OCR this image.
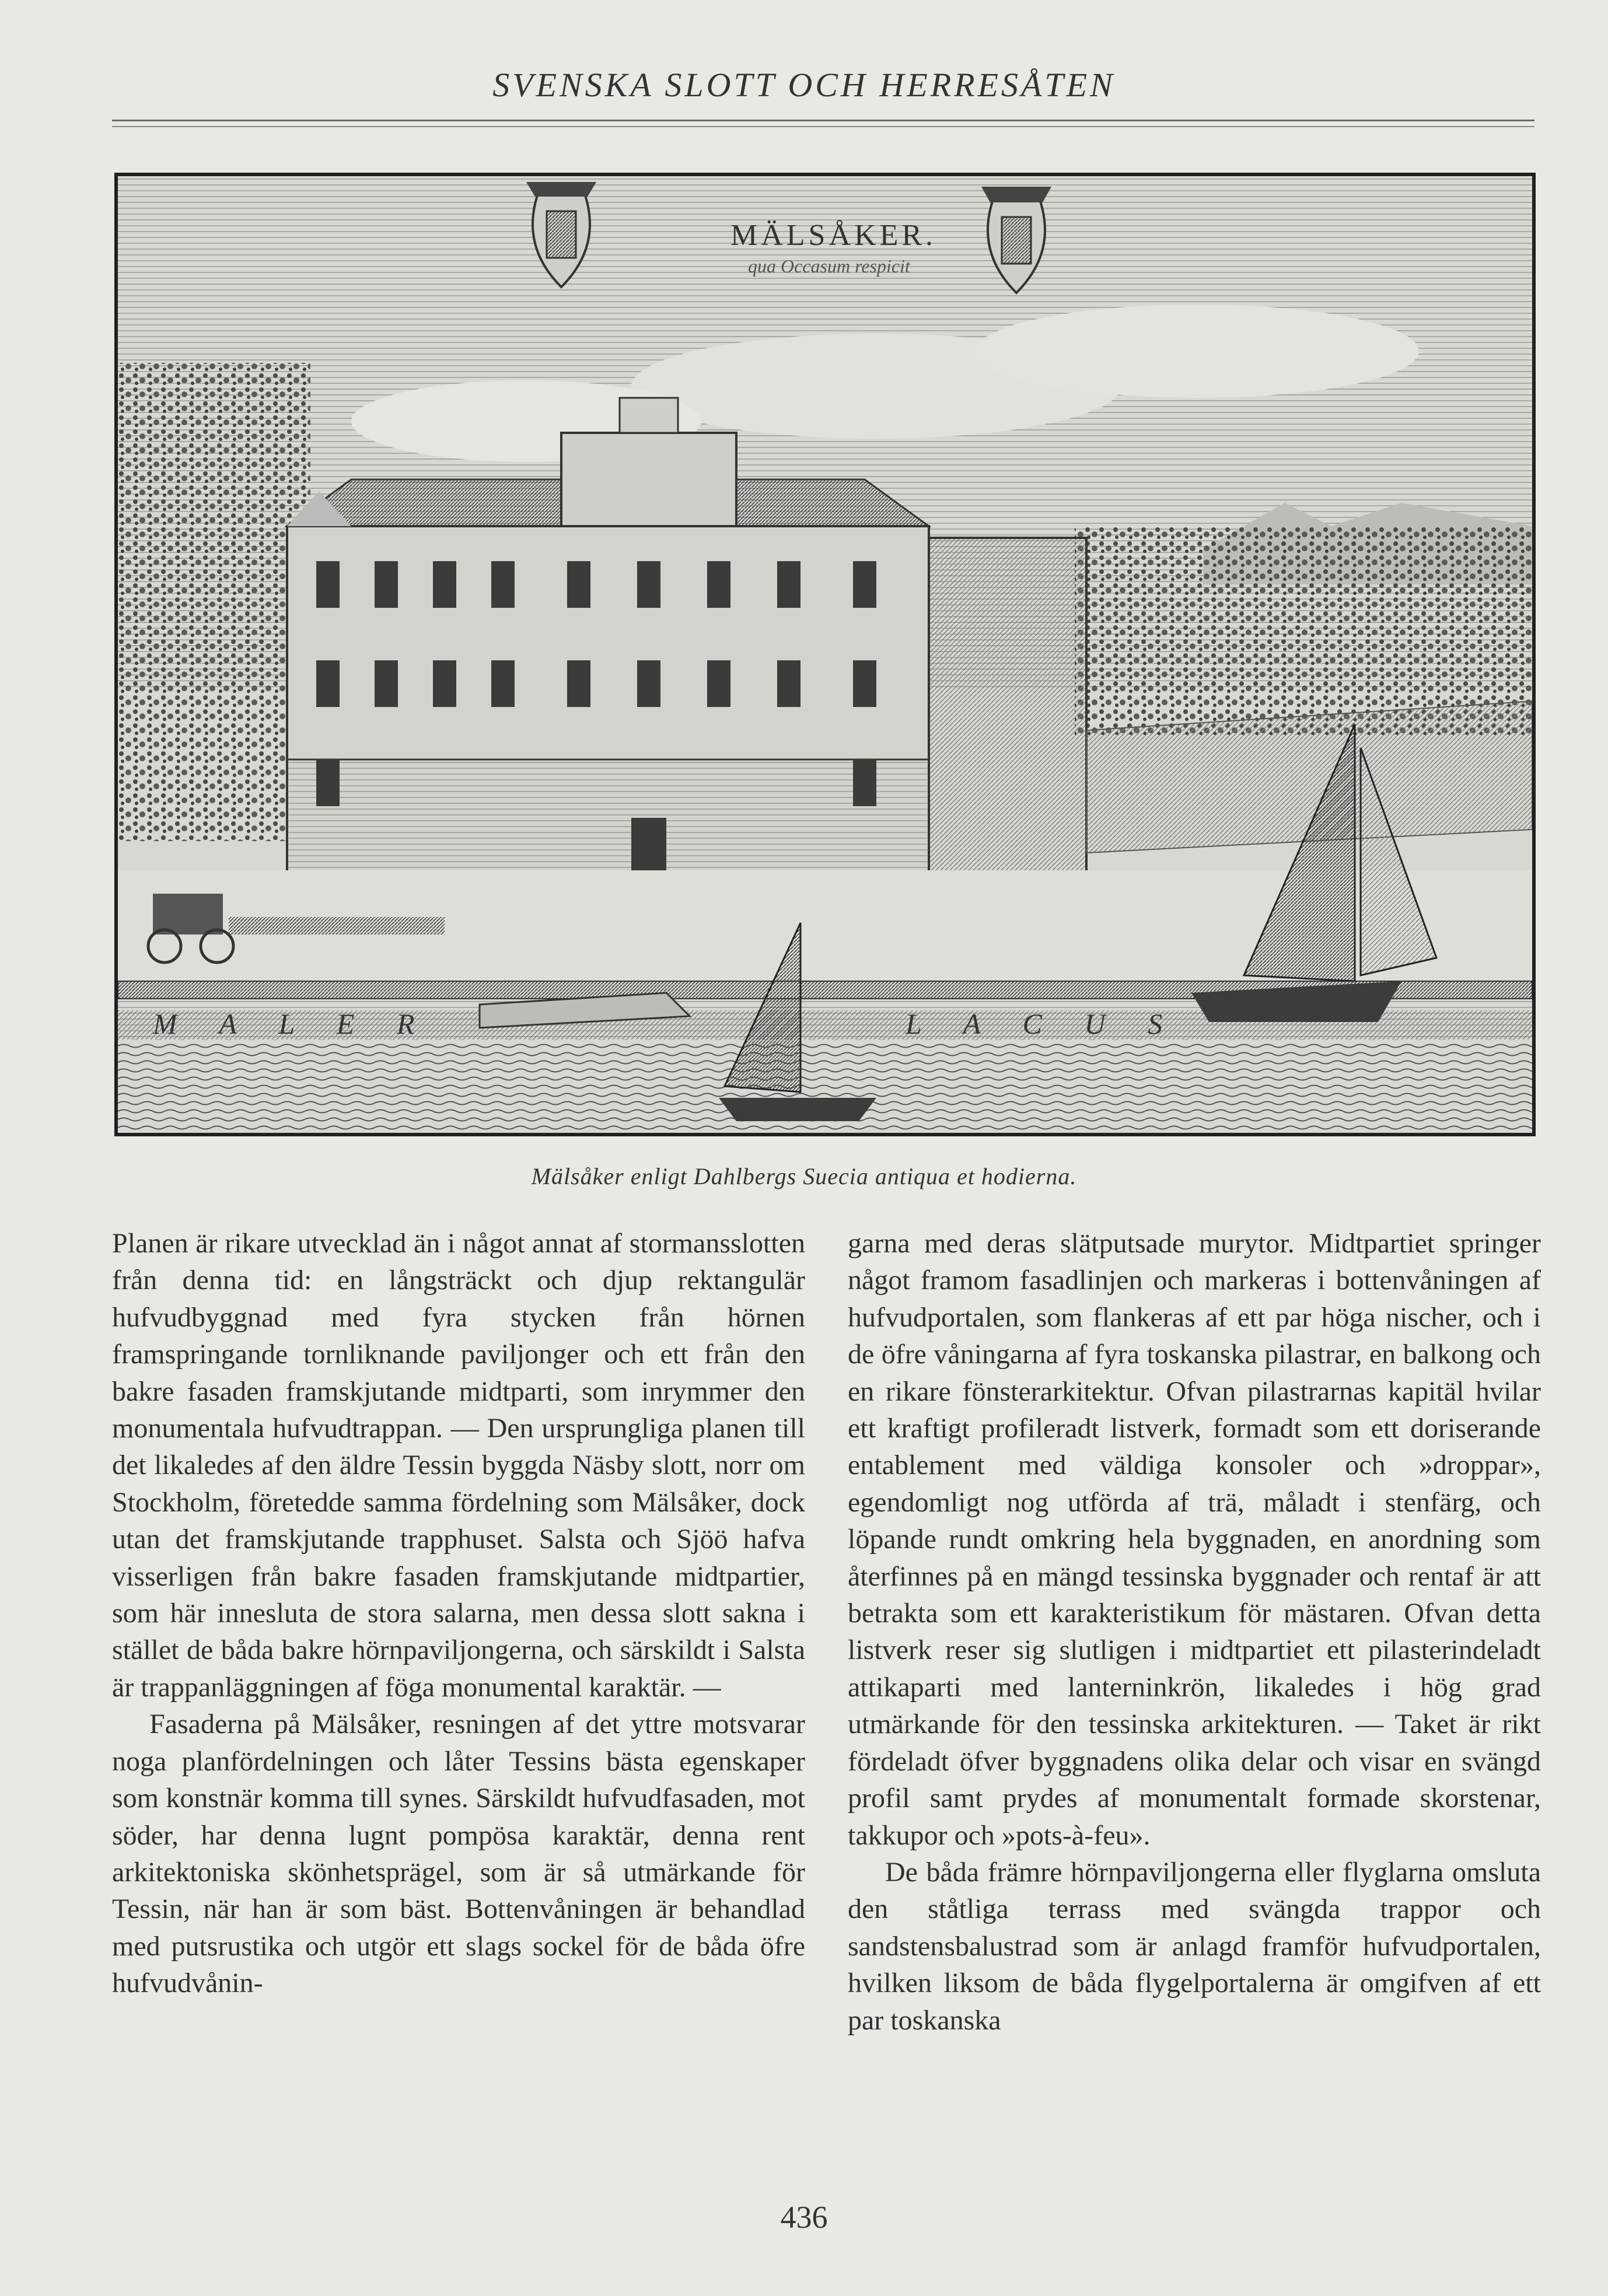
SVENSKA SLOTT OCH HERRESÅTEN
MÄLSÅKER.
qua Occasum respicit
M A L E R	L A C U S
Mälsåker enligt Dahlbergs Suecia antiqua et hodierna.

Planen är rikare utvecklad än i något annat af stormansslotten från denna tid: en långsträckt och djup rektangulär hufvudbyggnad med fyra stycken från hörnen framspringande tornliknande paviljonger och ett från den bakre fasaden framskjutande midtparti, som inrymmer den monumentala hufvudtrappan. — Den ursprungliga planen till det likaledes af den äldre Tessin byggda Näsby slott, norr om Stockholm, företedde samma fördelning som Mälsåker, dock utan det framskjutande trapphuset. Salsta och Sjöö hafva visserligen från bakre fasaden framskjutande midtpartier, som här innesluta de stora salarna, men dessa slott sakna i stället de båda bakre hörnpaviljongerna, och särskildt i Salsta är trappanläggningen af föga monumental karaktär. —

Fasaderna på Mälsåker, resningen af det yttre motsvarar noga planfördelningen och låter Tessins bästa egenskaper som konstnär komma till synes. Särskildt hufvudfasaden, mot söder, har denna lugnt pompösa karaktär, denna rent arkitektoniska skönhetsprägel, som är så utmärkande för Tessin, när han är som bäst. Bottenvåningen är behandlad med putsrustika och utgör ett slags sockel för de båda öfre hufvudvånin-

garna med deras slätputsade murytor. Midtpartiet springer något framom fasadlinjen och markeras i bottenvåningen af hufvudportalen, som flankeras af ett par höga nischer, och i de öfre våningarna af fyra toskanska pilastrar, en balkong och en rikare fönsterarkitektur. Ofvan pilastrarnas kapitäl hvilar ett kraftigt profileradt listverk, formadt som ett doriserande entablement med väldiga konsoler och »droppar», egendomligt nog utförda af trä, måladt i stenfärg, och löpande rundt omkring hela byggnaden, en anordning som återfinnes på en mängd tessinska byggnader och rentaf är att betrakta som ett karakteristikum för mästaren. Ofvan detta listverk reser sig slutligen i midtpartiet ett pilasterindeladt attikaparti med lanterninkrön, likaledes i hög grad utmärkande för den tessinska arkitekturen. — Taket är rikt fördeladt öfver byggnadens olika delar och visar en svängd profil samt prydes af monumentalt formade skorstenar, takkupor och »pots-à-feu».

De båda främre hörnpaviljongerna eller flyglarna omsluta den ståtliga terrass med svängda trappor och sandstensbalustrad som är anlagd framför hufvudportalen, hvilken liksom de båda flygelportalerna är omgifven af ett par toskanska

436
